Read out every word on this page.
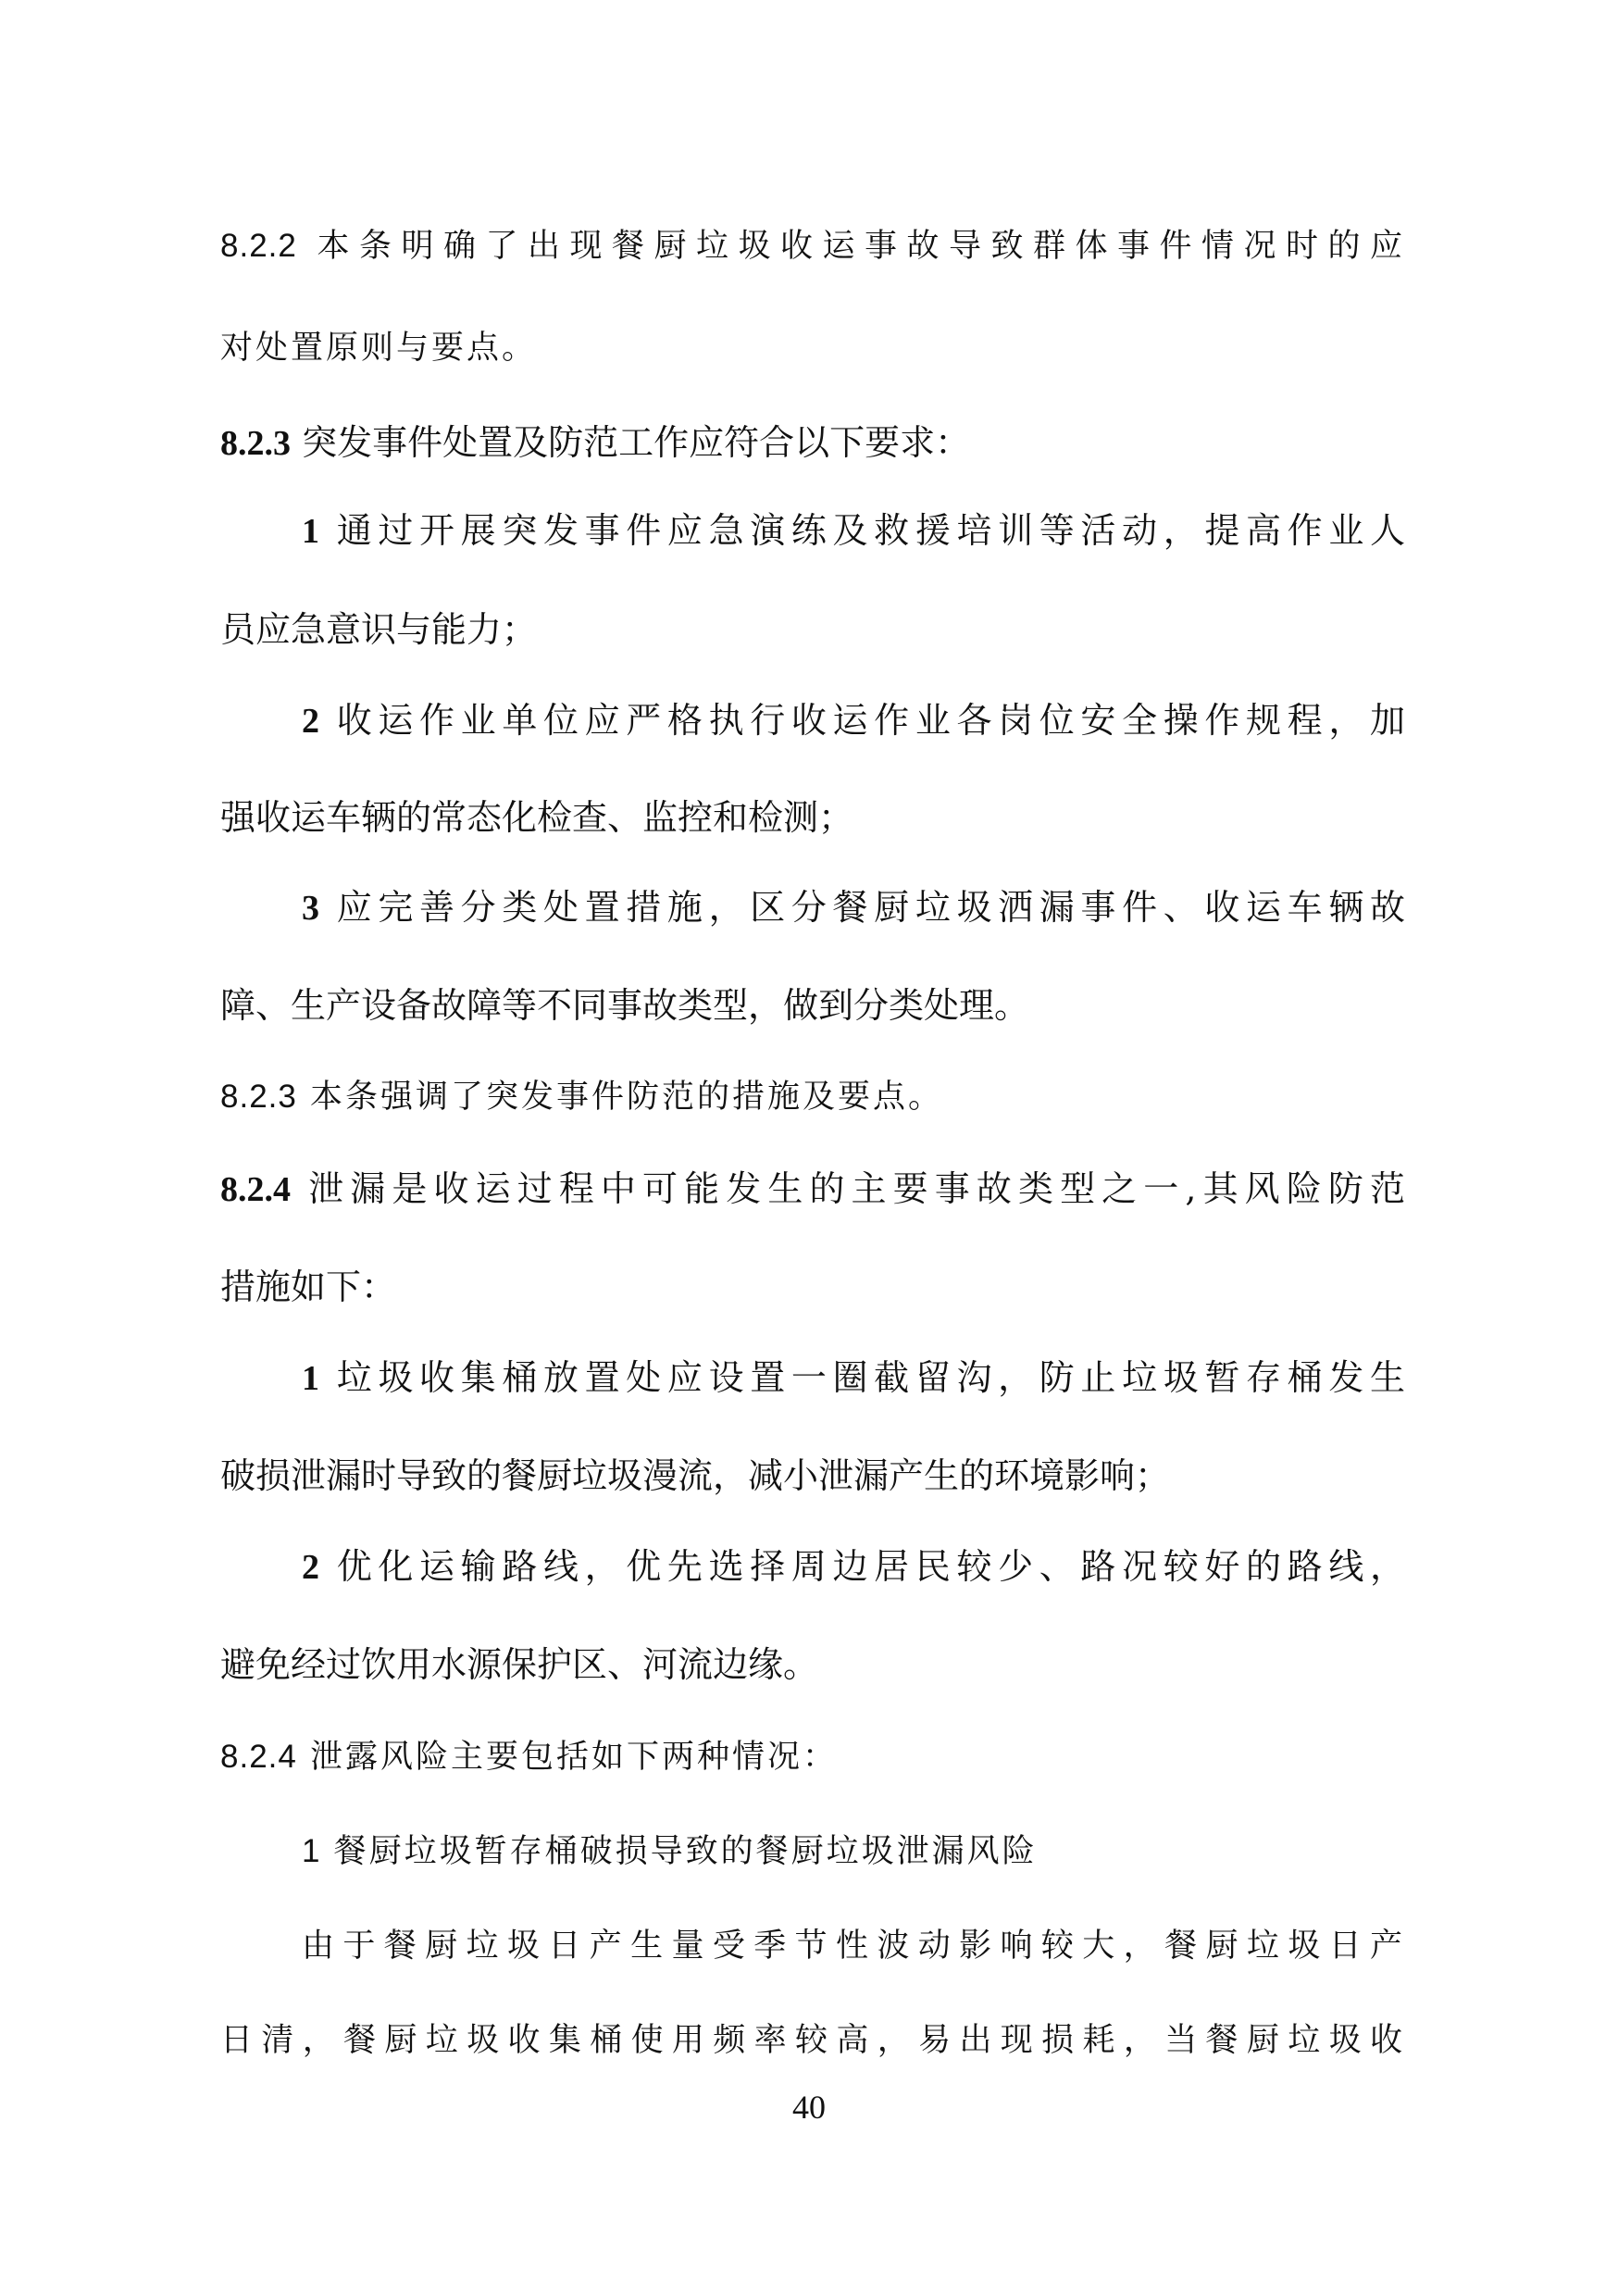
8.2.2 本条明确了出现餐厨垃圾收运事故导致群体事件情况时的应
对处置原则与要点。
8.2.3 突发事件处置及防范工作应符合以下要求：
1 通过开展突发事件应急演练及救援培训等活动，提高作业人
员应急意识与能力；
2 收运作业单位应严格执行收运作业各岗位安全操作规程，加
强收运车辆的常态化检查、监控和检测；
3 应完善分类处置措施，区分餐厨垃圾洒漏事件、收运车辆故
障、生产设备故障等不同事故类型，做到分类处理。
8.2.3 本条强调了突发事件防范的措施及要点。
8.2.4 泄漏是收运过程中可能发生的主要事故类型之一,其风险防范
措施如下：
1 垃圾收集桶放置处应设置一圈截留沟，防止垃圾暂存桶发生
破损泄漏时导致的餐厨垃圾漫流，减小泄漏产生的环境影响；
2 优化运输路线，优先选择周边居民较少、路况较好的路线，
避免经过饮用水源保护区、河流边缘。
8.2.4 泄露风险主要包括如下两种情况：
1 餐厨垃圾暂存桶破损导致的餐厨垃圾泄漏风险
由于餐厨垃圾日产生量受季节性波动影响较大，餐厨垃圾日产
日清，餐厨垃圾收集桶使用频率较高，易出现损耗，当餐厨垃圾收
40
